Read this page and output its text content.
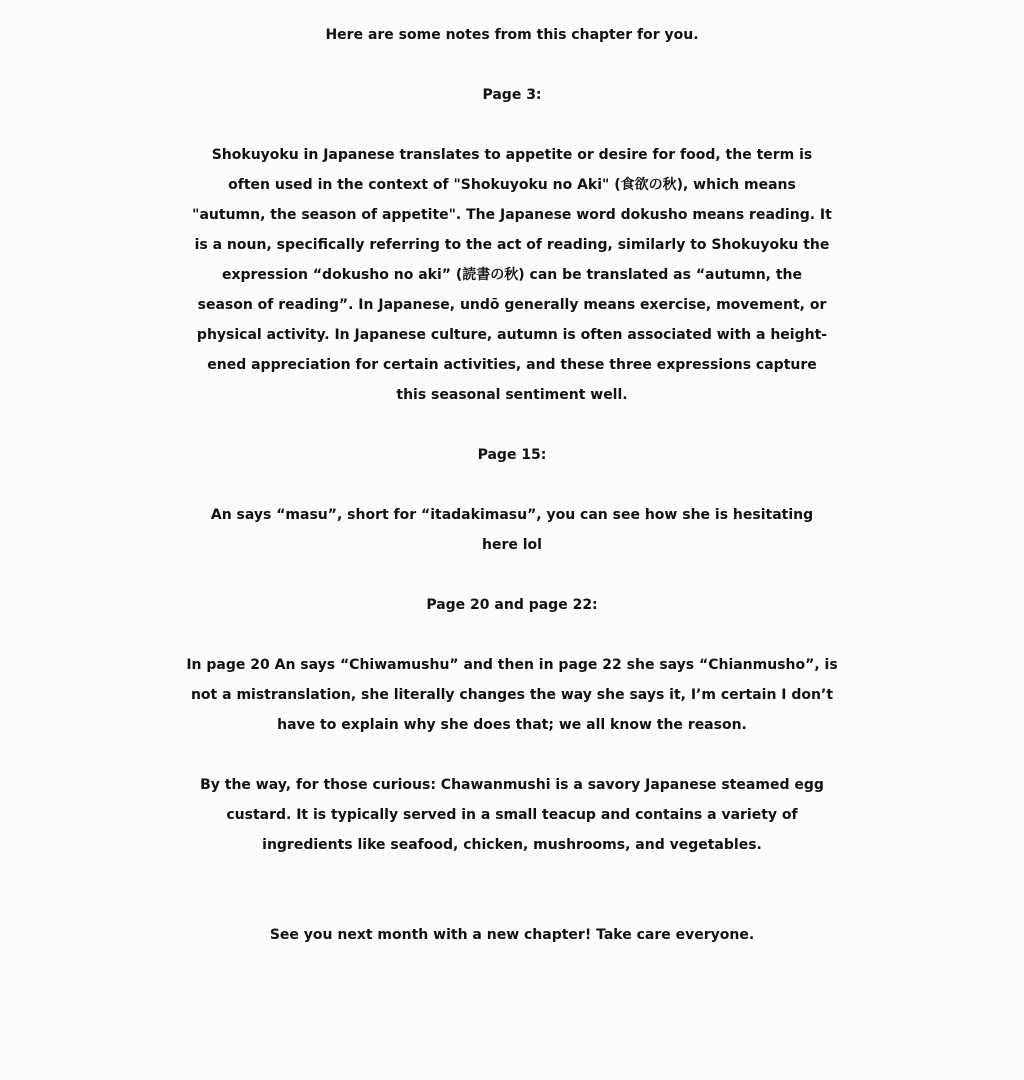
Here are some notes from this chapter for you.
Page 3:
Shokuyoku in Japanese translates to appetite or desire for food, the term is
often used in the context of "Shokuyoku no Aki" (食欲の秋), which means
"autumn, the season of appetite". The Japanese word dokusho means reading. It
is a noun, specifically referring to the act of reading, similarly to Shokuyoku the
expression “dokusho no aki” (読書の秋) can be translated as “autumn, the
season of reading”. In Japanese, undō generally means exercise, movement, or
physical activity. In Japanese culture, autumn is often associated with a height-
ened appreciation for certain activities, and these three expressions capture
this seasonal sentiment well.
Page 15:
An says “masu”, short for “itadakimasu”, you can see how she is hesitating
here lol
Page 20 and page 22:
In page 20 An says “Chiwamushu” and then in page 22 she says “Chianmusho”, is
not a mistranslation, she literally changes the way she says it, I’m certain I don’t
have to explain why she does that; we all know the reason.
By the way, for those curious: Chawanmushi is a savory Japanese steamed egg
custard. It is typically served in a small teacup and contains a variety of
ingredients like seafood, chicken, mushrooms, and vegetables.
See you next month with a new chapter! Take care everyone.
